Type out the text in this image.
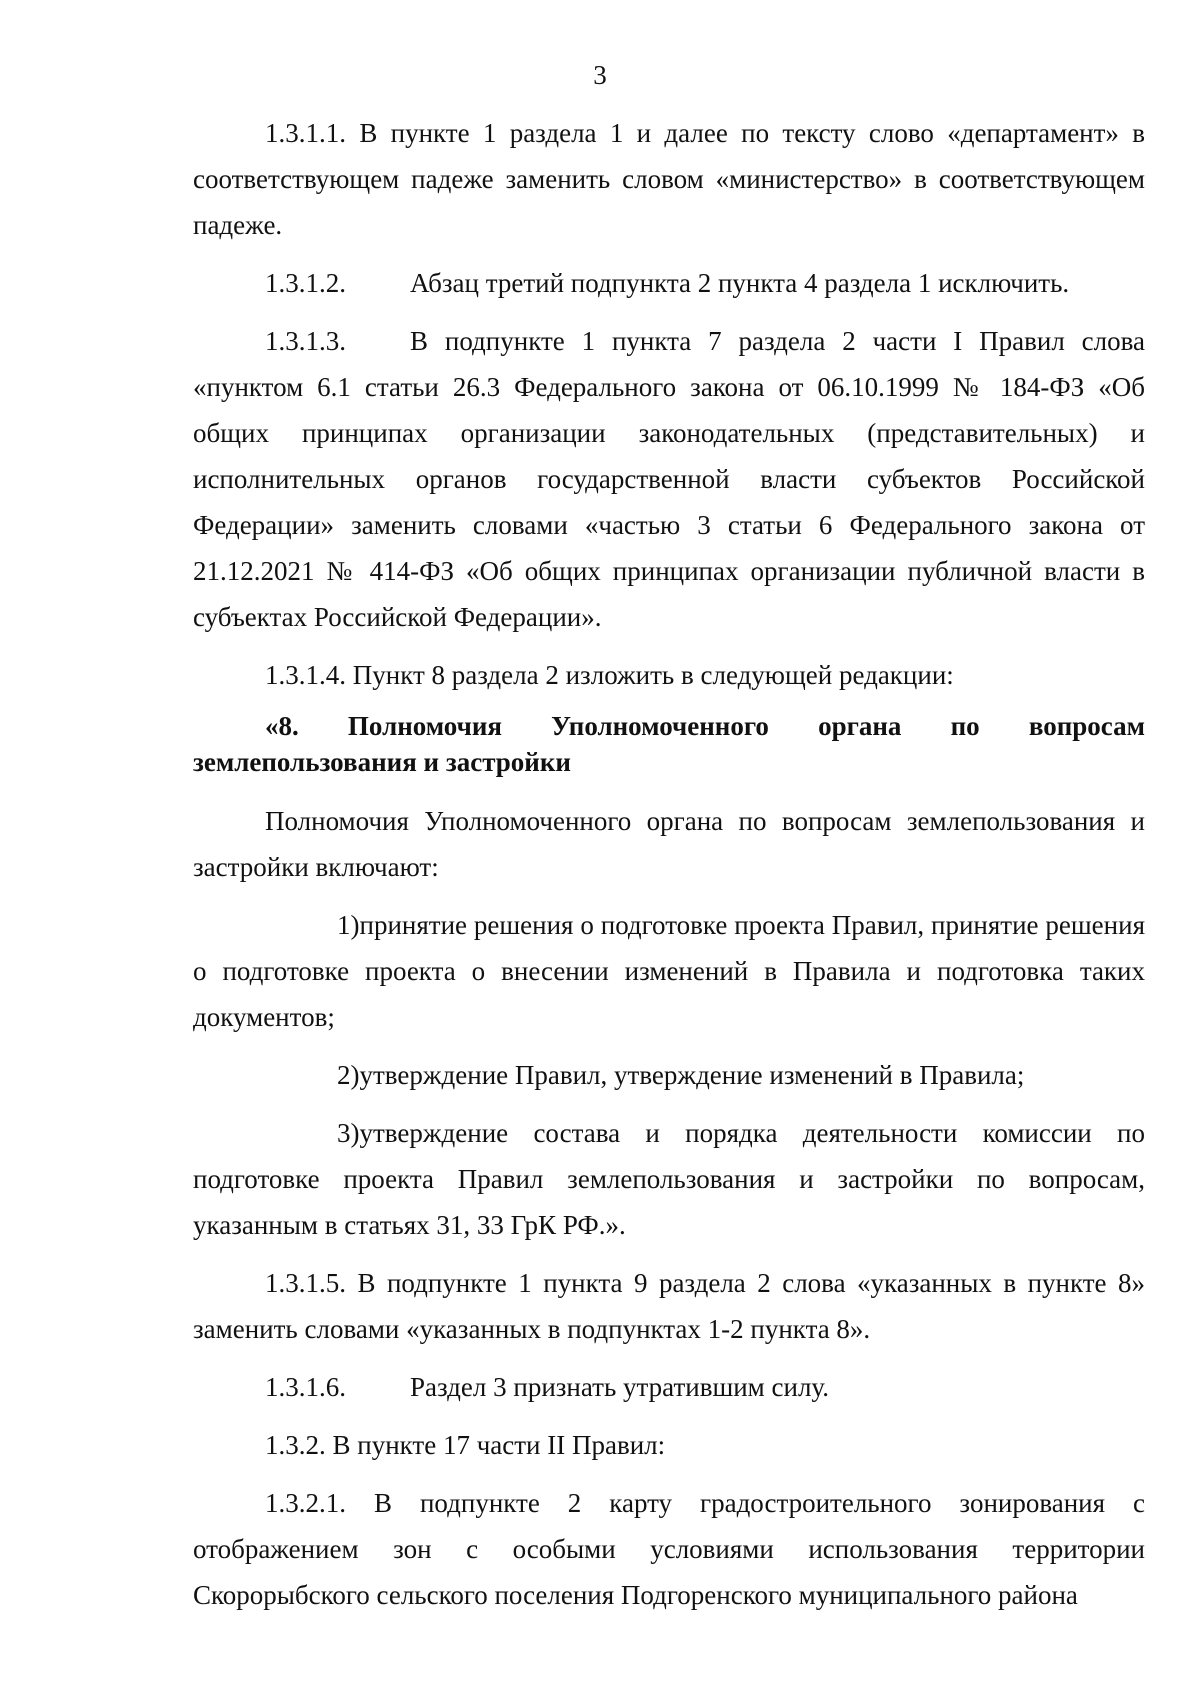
3

1.3.1.1. В пункте 1 раздела 1 и далее по тексту слово «департамент» в соответствующем падеже заменить словом «министерство» в соответствующем падеже.

1.3.1.2. Абзац третий подпункта 2 пункта 4 раздела 1 исключить.

1.3.1.3. В подпункте 1 пункта 7 раздела 2 части I Правил слова «пунктом 6.1 статьи 26.3 Федерального закона от 06.10.1999 № 184-ФЗ «Об общих принципах организации законодательных (представительных) и исполнительных органов государственной власти субъектов Российской Федерации» заменить словами «частью 3 статьи 6 Федерального закона от 21.12.2021 № 414-ФЗ «Об общих принципах организации публичной власти в субъектах Российской Федерации».

1.3.1.4. Пункт 8 раздела 2 изложить в следующей редакции:

«8. Полномочия Уполномоченного органа по вопросам землепользования и застройки

Полномочия Уполномоченного органа по вопросам землепользования и застройки включают:

1)принятие решения о подготовке проекта Правил, принятие решения о подготовке проекта о внесении изменений в Правила и подготовка таких документов;

2)утверждение Правил, утверждение изменений в Правила;

3)утверждение состава и порядка деятельности комиссии по подготовке проекта Правил землепользования и застройки по вопросам, указанным в статьях 31, 33 ГрК РФ.».

1.3.1.5. В подпункте 1 пункта 9 раздела 2 слова «указанных в пункте 8» заменить словами «указанных в подпунктах 1-2 пункта 8».

1.3.1.6. Раздел 3 признать утратившим силу.

1.3.2. В пункте 17 части II Правил:

1.3.2.1. В подпункте 2 карту градостроительного зонирования с отображением зон с особыми условиями использования территории Скорорыбского сельского поселения Подгоренского муниципального района
